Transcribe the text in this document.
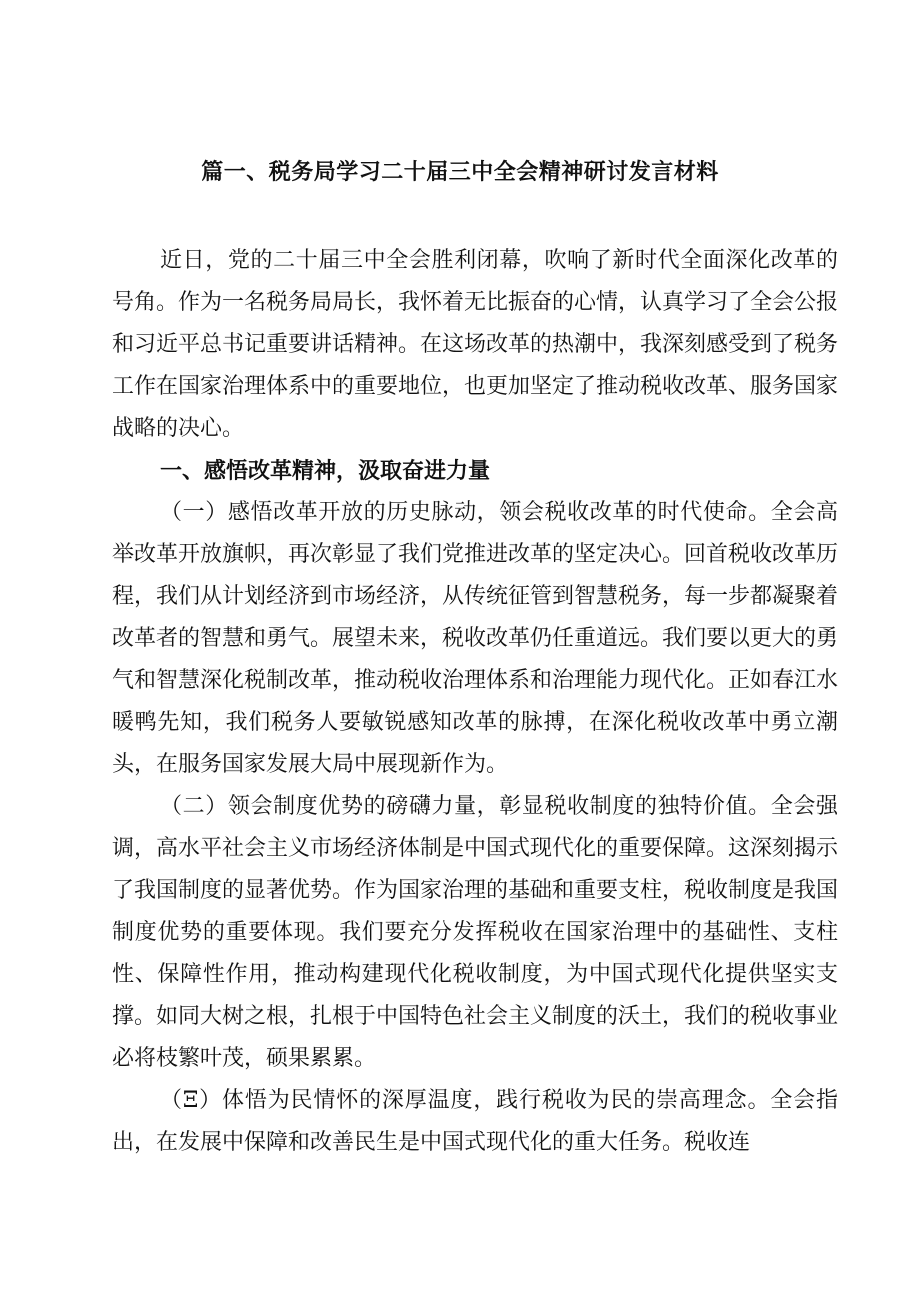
篇一、税务局学习二十届三中全会精神研讨发言材料

近日，党的二十届三中全会胜利闭幕，吹响了新时代全面深化改革的号角。作为一名税务局局长，我怀着无比振奋的心情，认真学习了全会公报和习近平总书记重要讲话精神。在这场改革的热潮中，我深刻感受到了税务工作在国家治理体系中的重要地位，也更加坚定了推动税收改革、服务国家战略的决心。

一、感悟改革精神，汲取奋进力量

（一）感悟改革开放的历史脉动，领会税收改革的时代使命。全会高举改革开放旗帜，再次彰显了我们党推进改革的坚定决心。回首税收改革历程，我们从计划经济到市场经济，从传统征管到智慧税务，每一步都凝聚着改革者的智慧和勇气。展望未来，税收改革仍任重道远。我们要以更大的勇气和智慧深化税制改革，推动税收治理体系和治理能力现代化。正如春江水暖鸭先知，我们税务人要敏锐感知改革的脉搏，在深化税收改革中勇立潮头，在服务国家发展大局中展现新作为。

（二）领会制度优势的磅礴力量，彰显税收制度的独特价值。全会强调，高水平社会主义市场经济体制是中国式现代化的重要保障。这深刻揭示了我国制度的显著优势。作为国家治理的基础和重要支柱，税收制度是我国制度优势的重要体现。我们要充分发挥税收在国家治理中的基础性、支柱性、保障性作用，推动构建现代化税收制度，为中国式现代化提供坚实支撑。如同大树之根，扎根于中国特色社会主义制度的沃土，我们的税收事业必将枝繁叶茂，硕果累累。

（Ξ）体悟为民情怀的深厚温度，践行税收为民的崇高理念。全会指出，在发展中保障和改善民生是中国式现代化的重大任务。税收连
